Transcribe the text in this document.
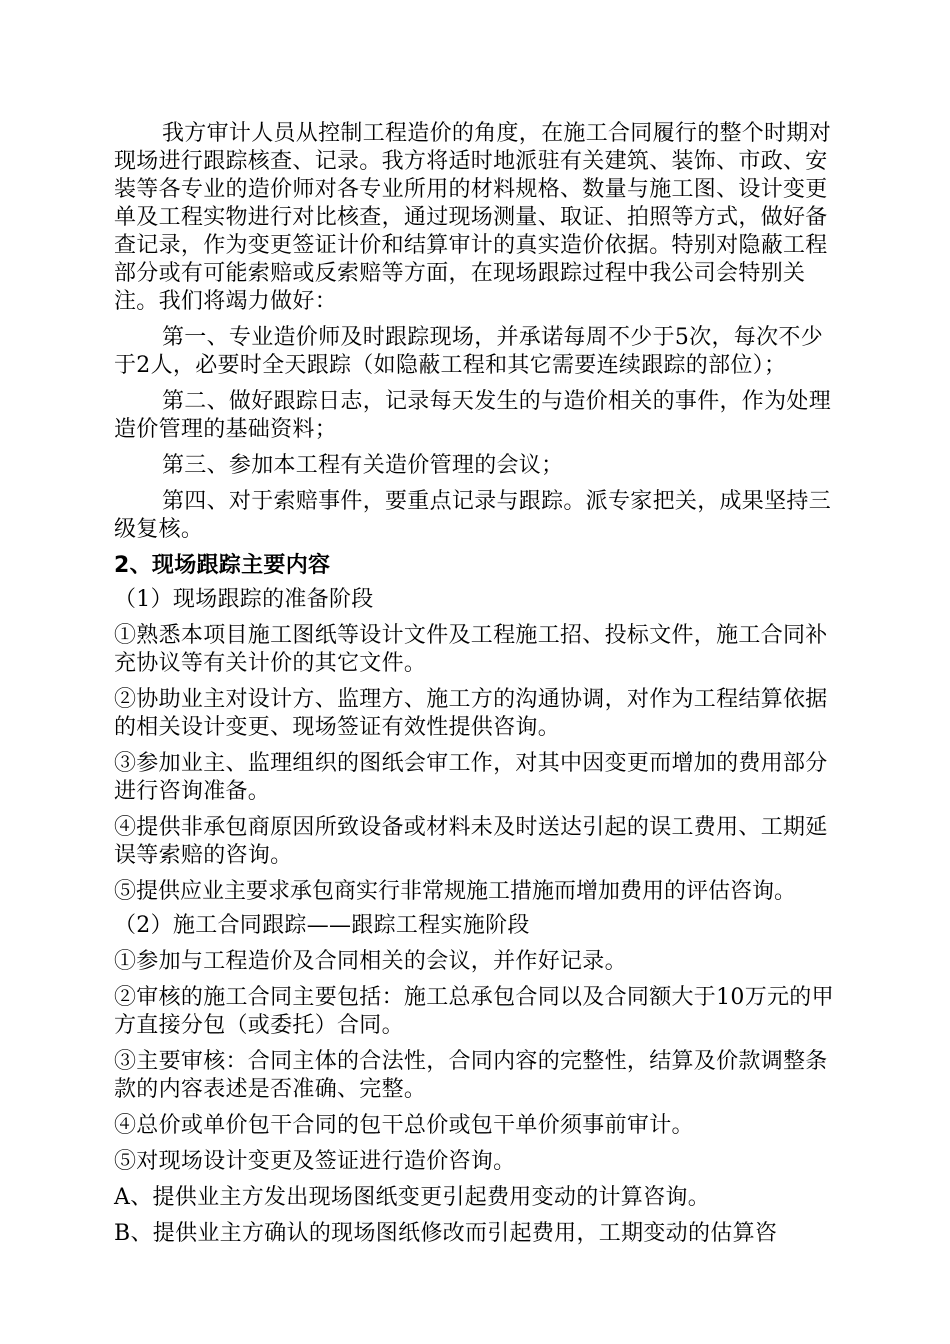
我方审计人员从控制工程造价的角度，在施工合同履行的整个时期对现场进行跟踪核查、记录。我方将适时地派驻有关建筑、装饰、市政、安装等各专业的造价师对各专业所用的材料规格、数量与施工图、设计变更单及工程实物进行对比核查，通过现场测量、取证、拍照等方式，做好备查记录，作为变更签证计价和结算审计的真实造价依据。特别对隐蔽工程部分或有可能索赔或反索赔等方面，在现场跟踪过程中我公司会特别关注。我们将竭力做好：

第一、专业造价师及时跟踪现场，并承诺每周不少于5次，每次不少于2人，必要时全天跟踪（如隐蔽工程和其它需要连续跟踪的部位）；

第二、做好跟踪日志，记录每天发生的与造价相关的事件，作为处理造价管理的基础资料；

第三、参加本工程有关造价管理的会议；

第四、对于索赔事件，要重点记录与跟踪。派专家把关，成果坚持三级复核。

2、现场跟踪主要内容

（1）现场跟踪的准备阶段

①熟悉本项目施工图纸等设计文件及工程施工招、投标文件，施工合同补充协议等有关计价的其它文件。

②协助业主对设计方、监理方、施工方的沟通协调，对作为工程结算依据的相关设计变更、现场签证有效性提供咨询。

③参加业主、监理组织的图纸会审工作，对其中因变更而增加的费用部分进行咨询准备。

④提供非承包商原因所致设备或材料未及时送达引起的误工费用、工期延误等索赔的咨询。

⑤提供应业主要求承包商实行非常规施工措施而增加费用的评估咨询。

（2）施工合同跟踪——跟踪工程实施阶段

①参加与工程造价及合同相关的会议，并作好记录。

②审核的施工合同主要包括：施工总承包合同以及合同额大于10万元的甲方直接分包（或委托）合同。

③主要审核：合同主体的合法性，合同内容的完整性，结算及价款调整条款的内容表述是否准确、完整。

④总价或单价包干合同的包干总价或包干单价须事前审计。

⑤对现场设计变更及签证进行造价咨询。

A、提供业主方发出现场图纸变更引起费用变动的计算咨询。

B、提供业主方确认的现场图纸修改而引起费用，工期变动的估算咨
